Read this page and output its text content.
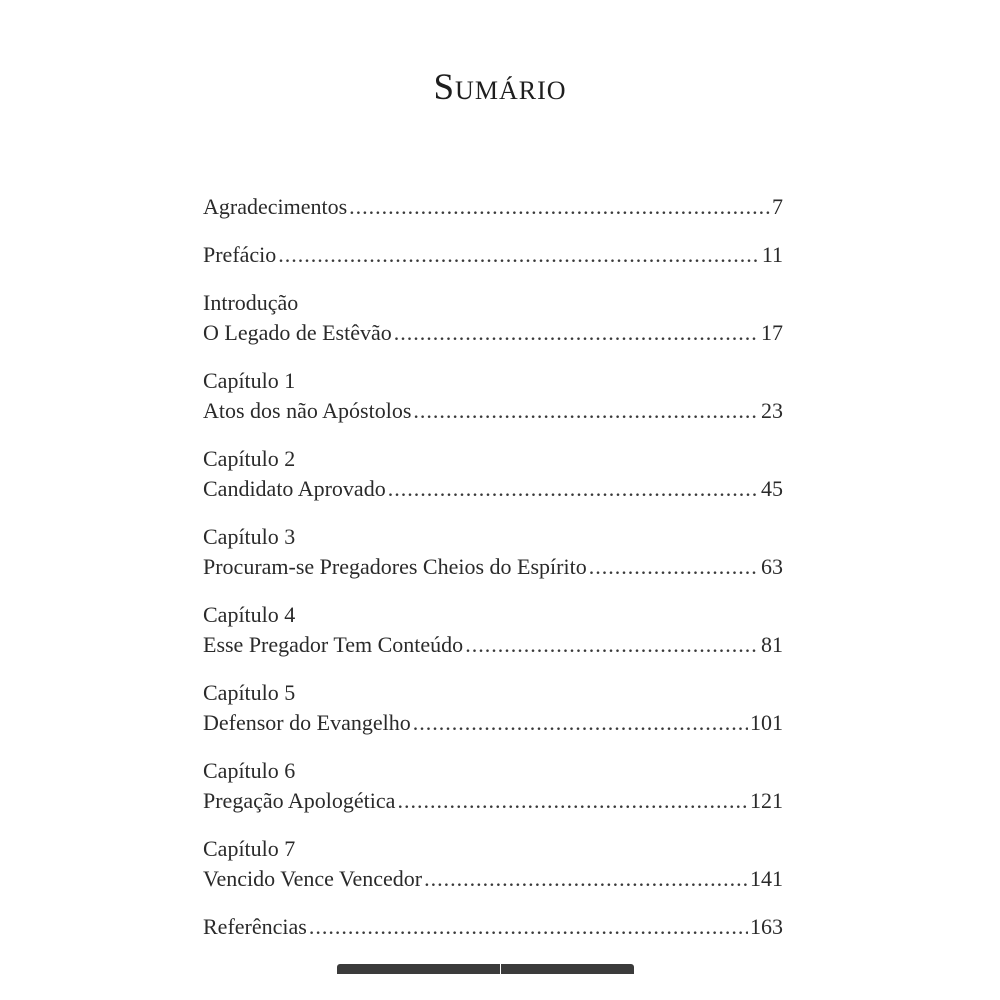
Sumário
Agradecimentos .....	7
Prefácio .....	11
Introdução
O Legado de Estêvão .....	17
Capítulo 1
Atos dos não Apóstolos .....	23
Capítulo 2
Candidato Aprovado .....	45
Capítulo 3
Procuram-se Pregadores Cheios do Espírito .....	63
Capítulo 4
Esse Pregador Tem Conteúdo .....	81
Capítulo 5
Defensor do Evangelho .....	101
Capítulo 6
Pregação Apologética .....	121
Capítulo 7
Vencido Vence Vencedor .....	141
Referências .....	163
